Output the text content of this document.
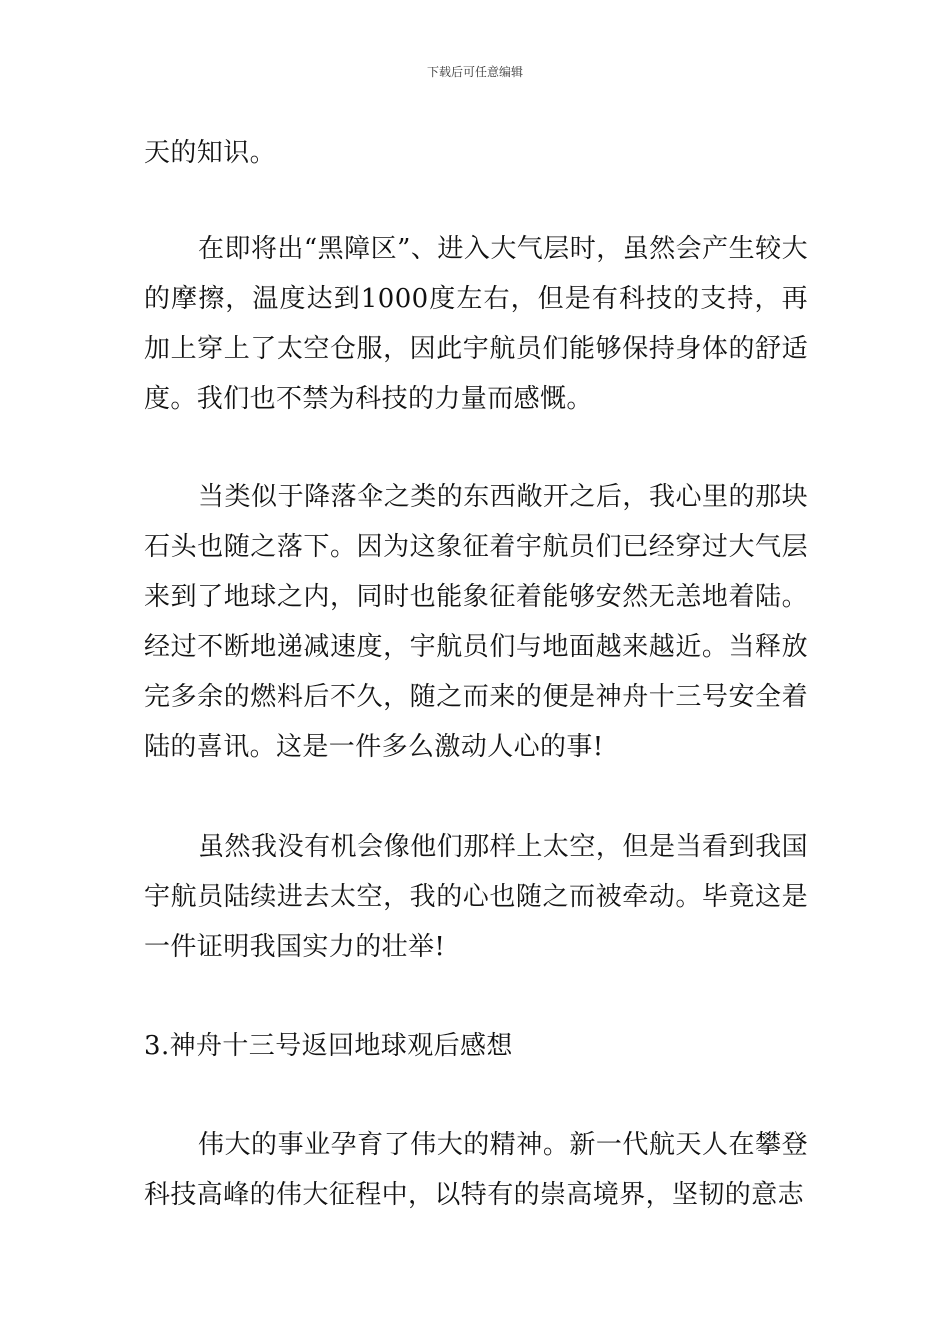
下载后可任意编辑

天的知识。

在即将出“黑障区”、进入大气层时，虽然会产生较大的摩擦，温度达到1000度左右，但是有科技的支持，再加上穿上了太空仓服，因此宇航员们能够保持身体的舒适度。我们也不禁为科技的力量而感慨。

当类似于降落伞之类的东西敞开之后，我心里的那块石头也随之落下。因为这象征着宇航员们已经穿过大气层来到了地球之内，同时也能象征着能够安然无恙地着陆。经过不断地递减速度，宇航员们与地面越来越近。当释放完多余的燃料后不久，随之而来的便是神舟十三号安全着陆的喜讯。这是一件多么激动人心的事!

虽然我没有机会像他们那样上太空，但是当看到我国宇航员陆续进去太空，我的心也随之而被牵动。毕竟这是一件证明我国实力的壮举!

3.神舟十三号返回地球观后感想

伟大的事业孕育了伟大的精神。新一代航天人在攀登科技高峰的伟大征程中，以特有的崇高境界，坚韧的意志
